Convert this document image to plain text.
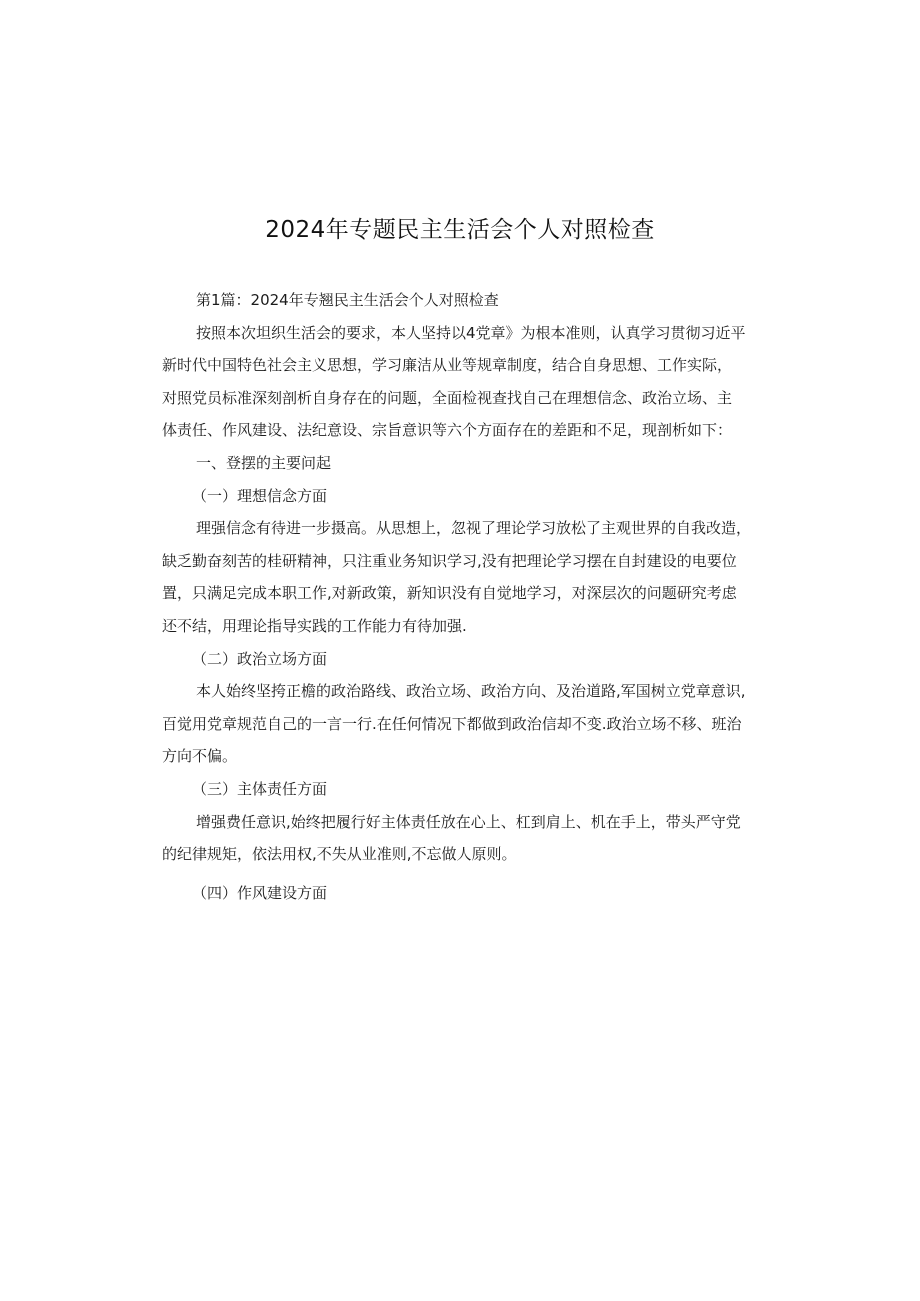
2024年专题民主生活会个人对照检查
第1篇：2024年专翘民主生活会个人对照检查
按照本次坦织生活会的要求，本人坚持以4党章》为根本准则，认真学习贯彻习近平
新时代中国特色社会主义思想，学习廉洁从业等规章制度，结合自身思想、工作实际，
对照党员标准深刻剖析自身存在的问题，全面检视查找自己在理想信念、政治立场、主
体责任、作风建设、法纪意设、宗旨意识等六个方面存在的差距和不足，现剖析如下：
一、登摆的主要问起
（一）理想信念方面
理强信念有待进一步摄高。从思想上，忽视了理论学习放松了主观世界的自我改造，
缺乏勤奋刻苦的桂研精神，只注重业务知识学习,没有把理论学习摆在自封建设的电要位
置，只满足完成本职工作,对新政策，新知识没有自觉地学习，对深层次的问题研究考虑
还不结，用理论指导实践的工作能力有待加强.
（二）政治立场方面
本人始终坚挎正檐的政治路线、政治立场、政治方向、及治道路,军国树立党章意识,
百觉用党章规范自己的一言一行.在任何情况下都做到政治信却不变.政治立场不移、班治
方向不偏。
（三）主体责任方面
增强费任意识,始终把履行好主体责任放在心上、杠到肩上、机在手上，带头严守党
的纪律规矩，依法用权,不失从业准则,不忘做人原则。
（四）作风建设方面
